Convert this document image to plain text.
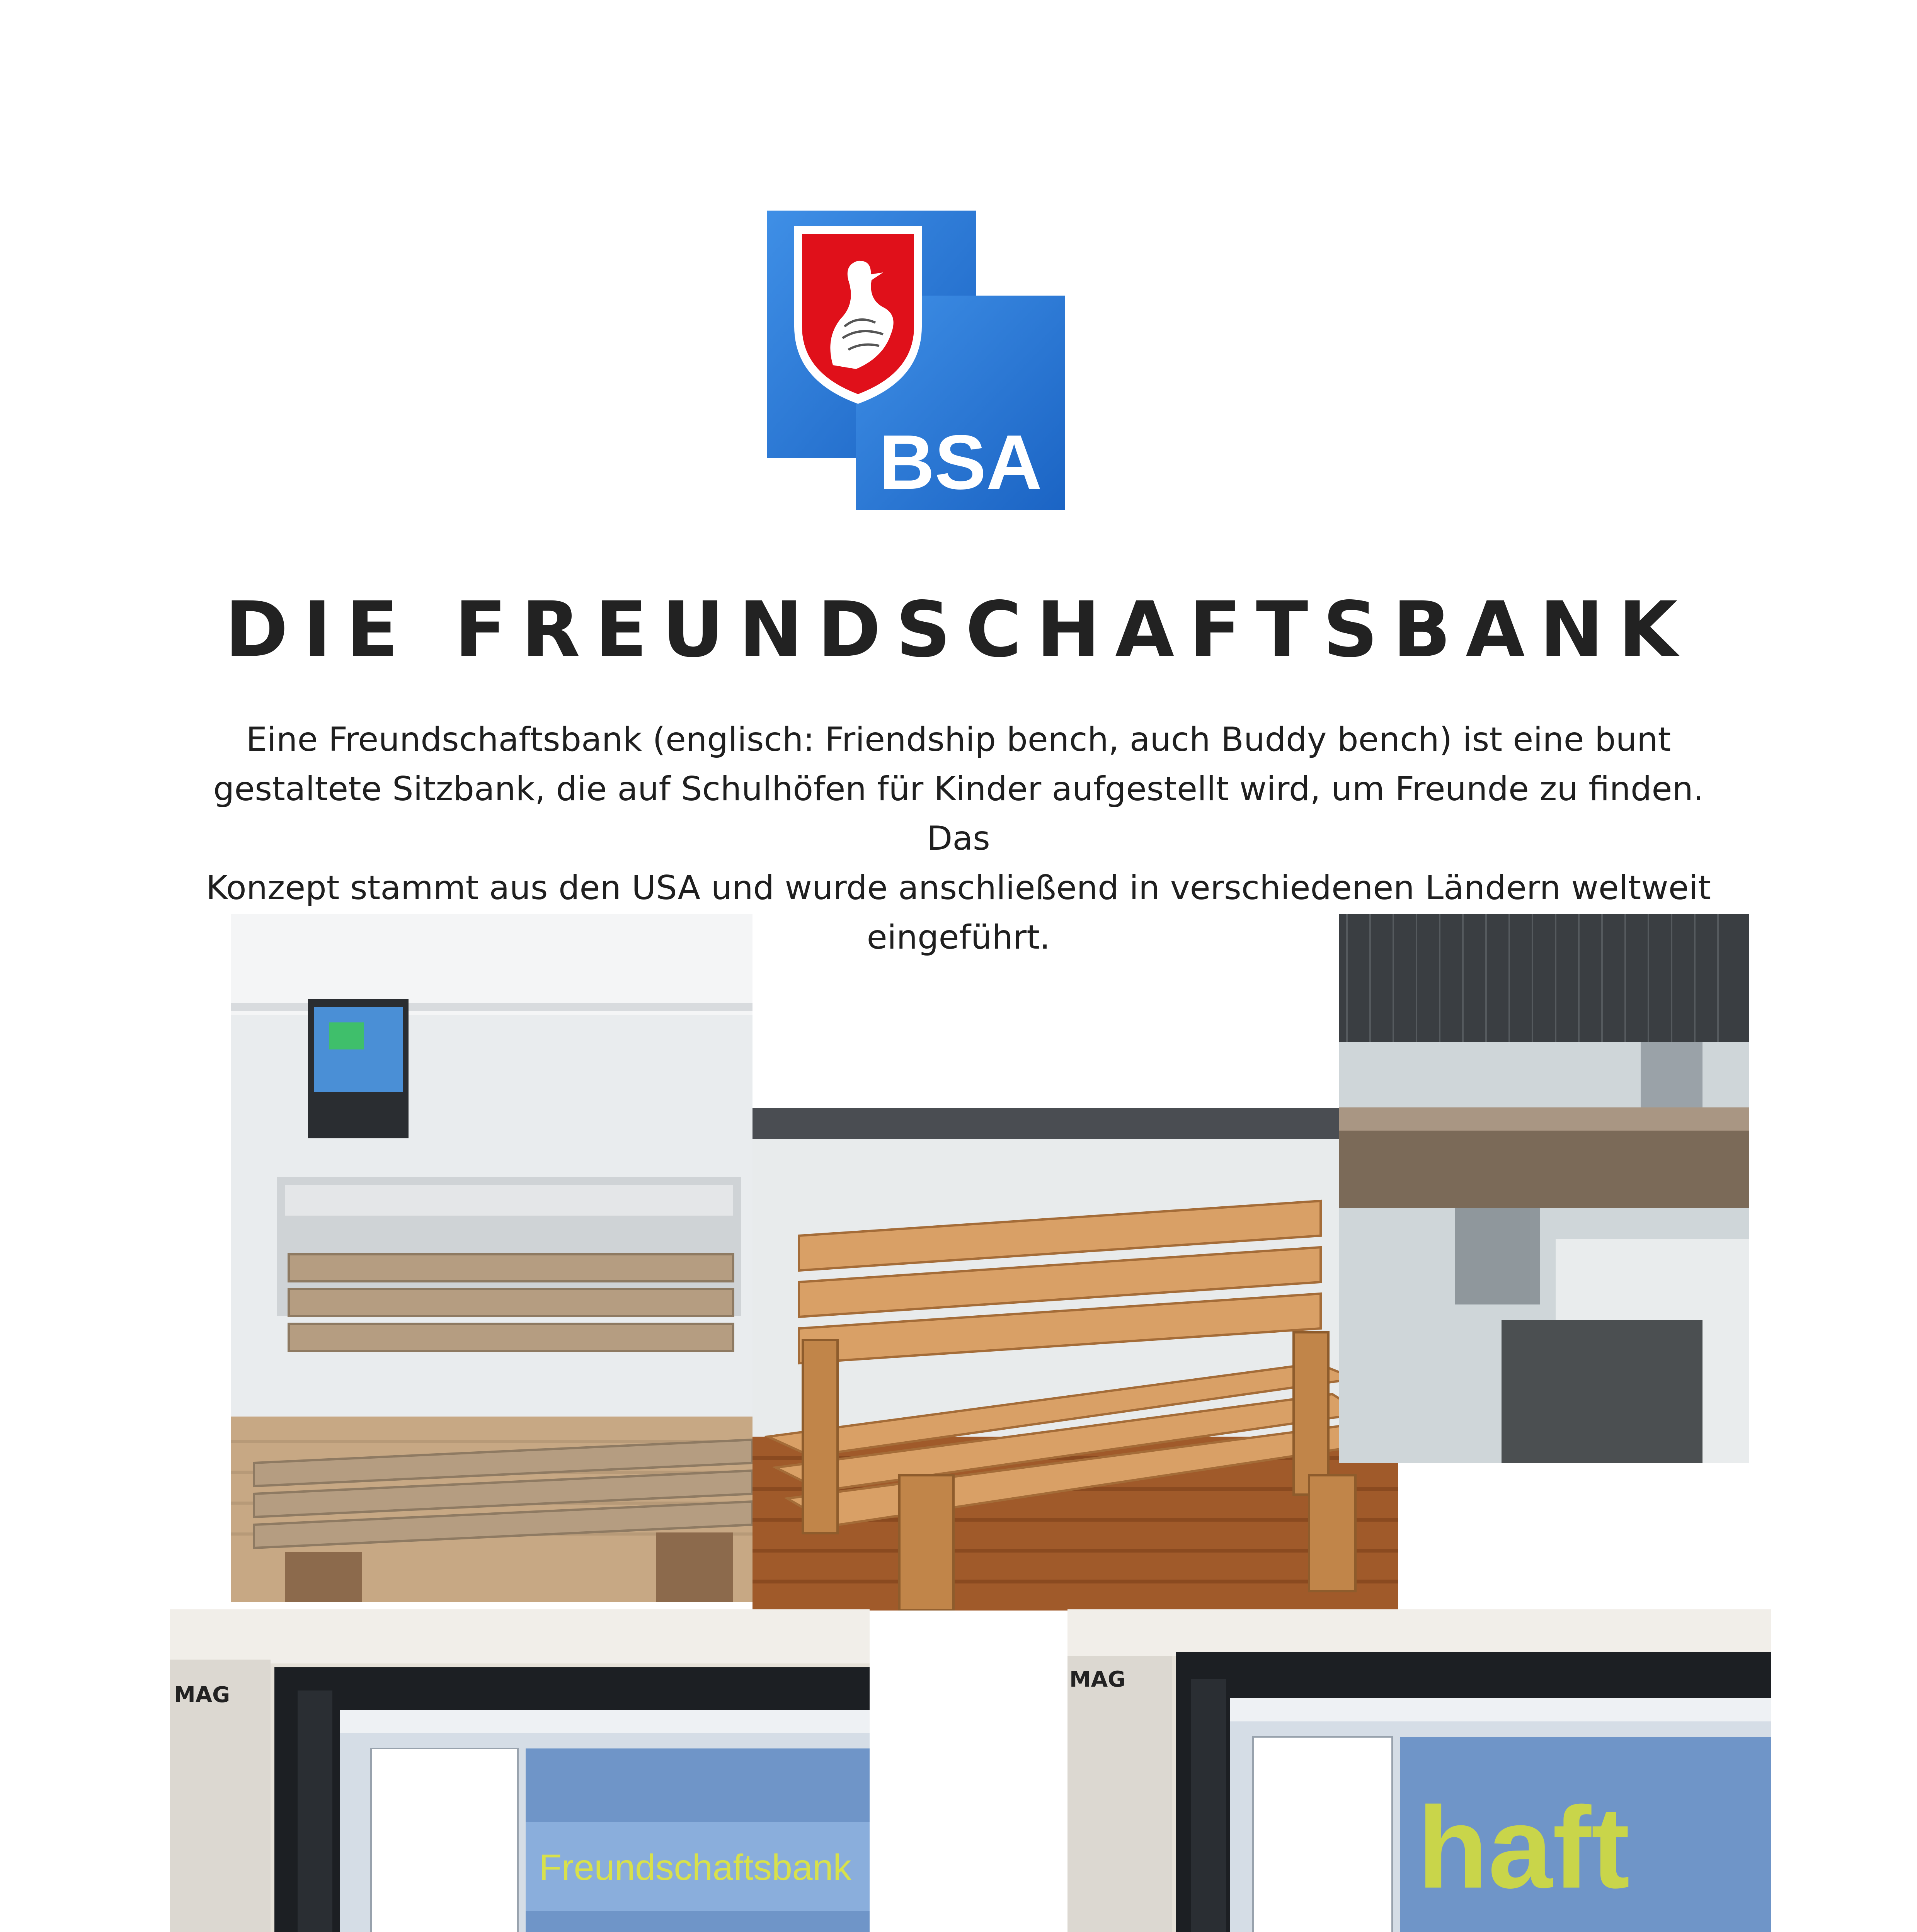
BSA
DIE FREUNDSCHAFTSBANK
Eine Freundschaftsbank (englisch: Friendship bench, auch Buddy bench) ist eine bunt
gestaltete Sitzbank, die auf Schulhöfen für Kinder aufgestellt wird, um Freunde zu finden. Das
Konzept stammt aus den USA und wurde anschließend in verschiedenen Ländern weltweit
eingeführt.
MAG
Freundschaftsbank
MAG
haft
